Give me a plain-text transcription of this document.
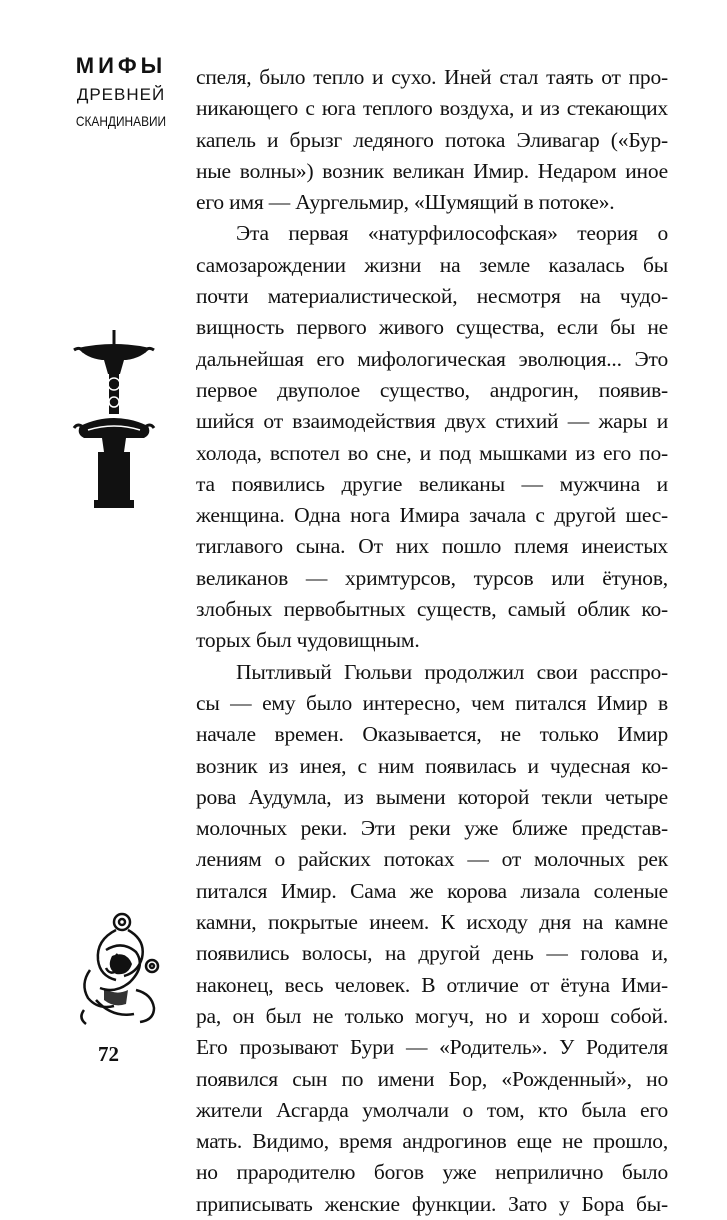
МИФЫ
ДРЕВНЕЙ
СКАНДИНАВИИ
72
спеля, было тепло и сухо. Иней стал таять от про-
никающего с юга теплого воздуха, и из стекающих
капель и брызг ледяного потока Эливагар («Бур-
ные волны») возник великан Имир. Недаром иное
его имя — Аургельмир, «Шумящий в потоке».
Эта первая «натурфилософская» теория о
самозарождении жизни на земле казалась бы
почти материалистической, несмотря на чудо-
вищность первого живого существа, если бы не
дальнейшая его мифологическая эволюция... Это
первое двуполое существо, андрогин, появив-
шийся от взаимодействия двух стихий — жары и
холода, вспотел во сне, и под мышками из его по-
та появились другие великаны — мужчина и
женщина. Одна нога Имира зачала с другой шес-
тиглавого сына. От них пошло племя инеистых
великанов — хримтурсов, турсов или ётунов,
злобных первобытных существ, самый облик ко-
торых был чудовищным.
Пытливый Гюльви продолжил свои расспро-
сы — ему было интересно, чем питался Имир в
начале времен. Оказывается, не только Имир
возник из инея, с ним появилась и чудесная ко-
рова Аудумла, из вымени которой текли четыре
молочных реки. Эти реки уже ближе представ-
лениям о райских потоках — от молочных рек
питался Имир. Сама же корова лизала соленые
камни, покрытые инеем. К исходу дня на камне
появились волосы, на другой день — голова и,
наконец, весь человек. В отличие от ётуна Ими-
ра, он был не только могуч, но и хорош собой.
Его прозывают Бури — «Родитель». У Родителя
появился сын по имени Бор, «Рожденный», но
жители Асгарда умолчали о том, кто была его
мать. Видимо, время андрогинов еще не прошло,
но прародителю богов уже неприлично было
приписывать женские функции. Зато у Бора бы-
